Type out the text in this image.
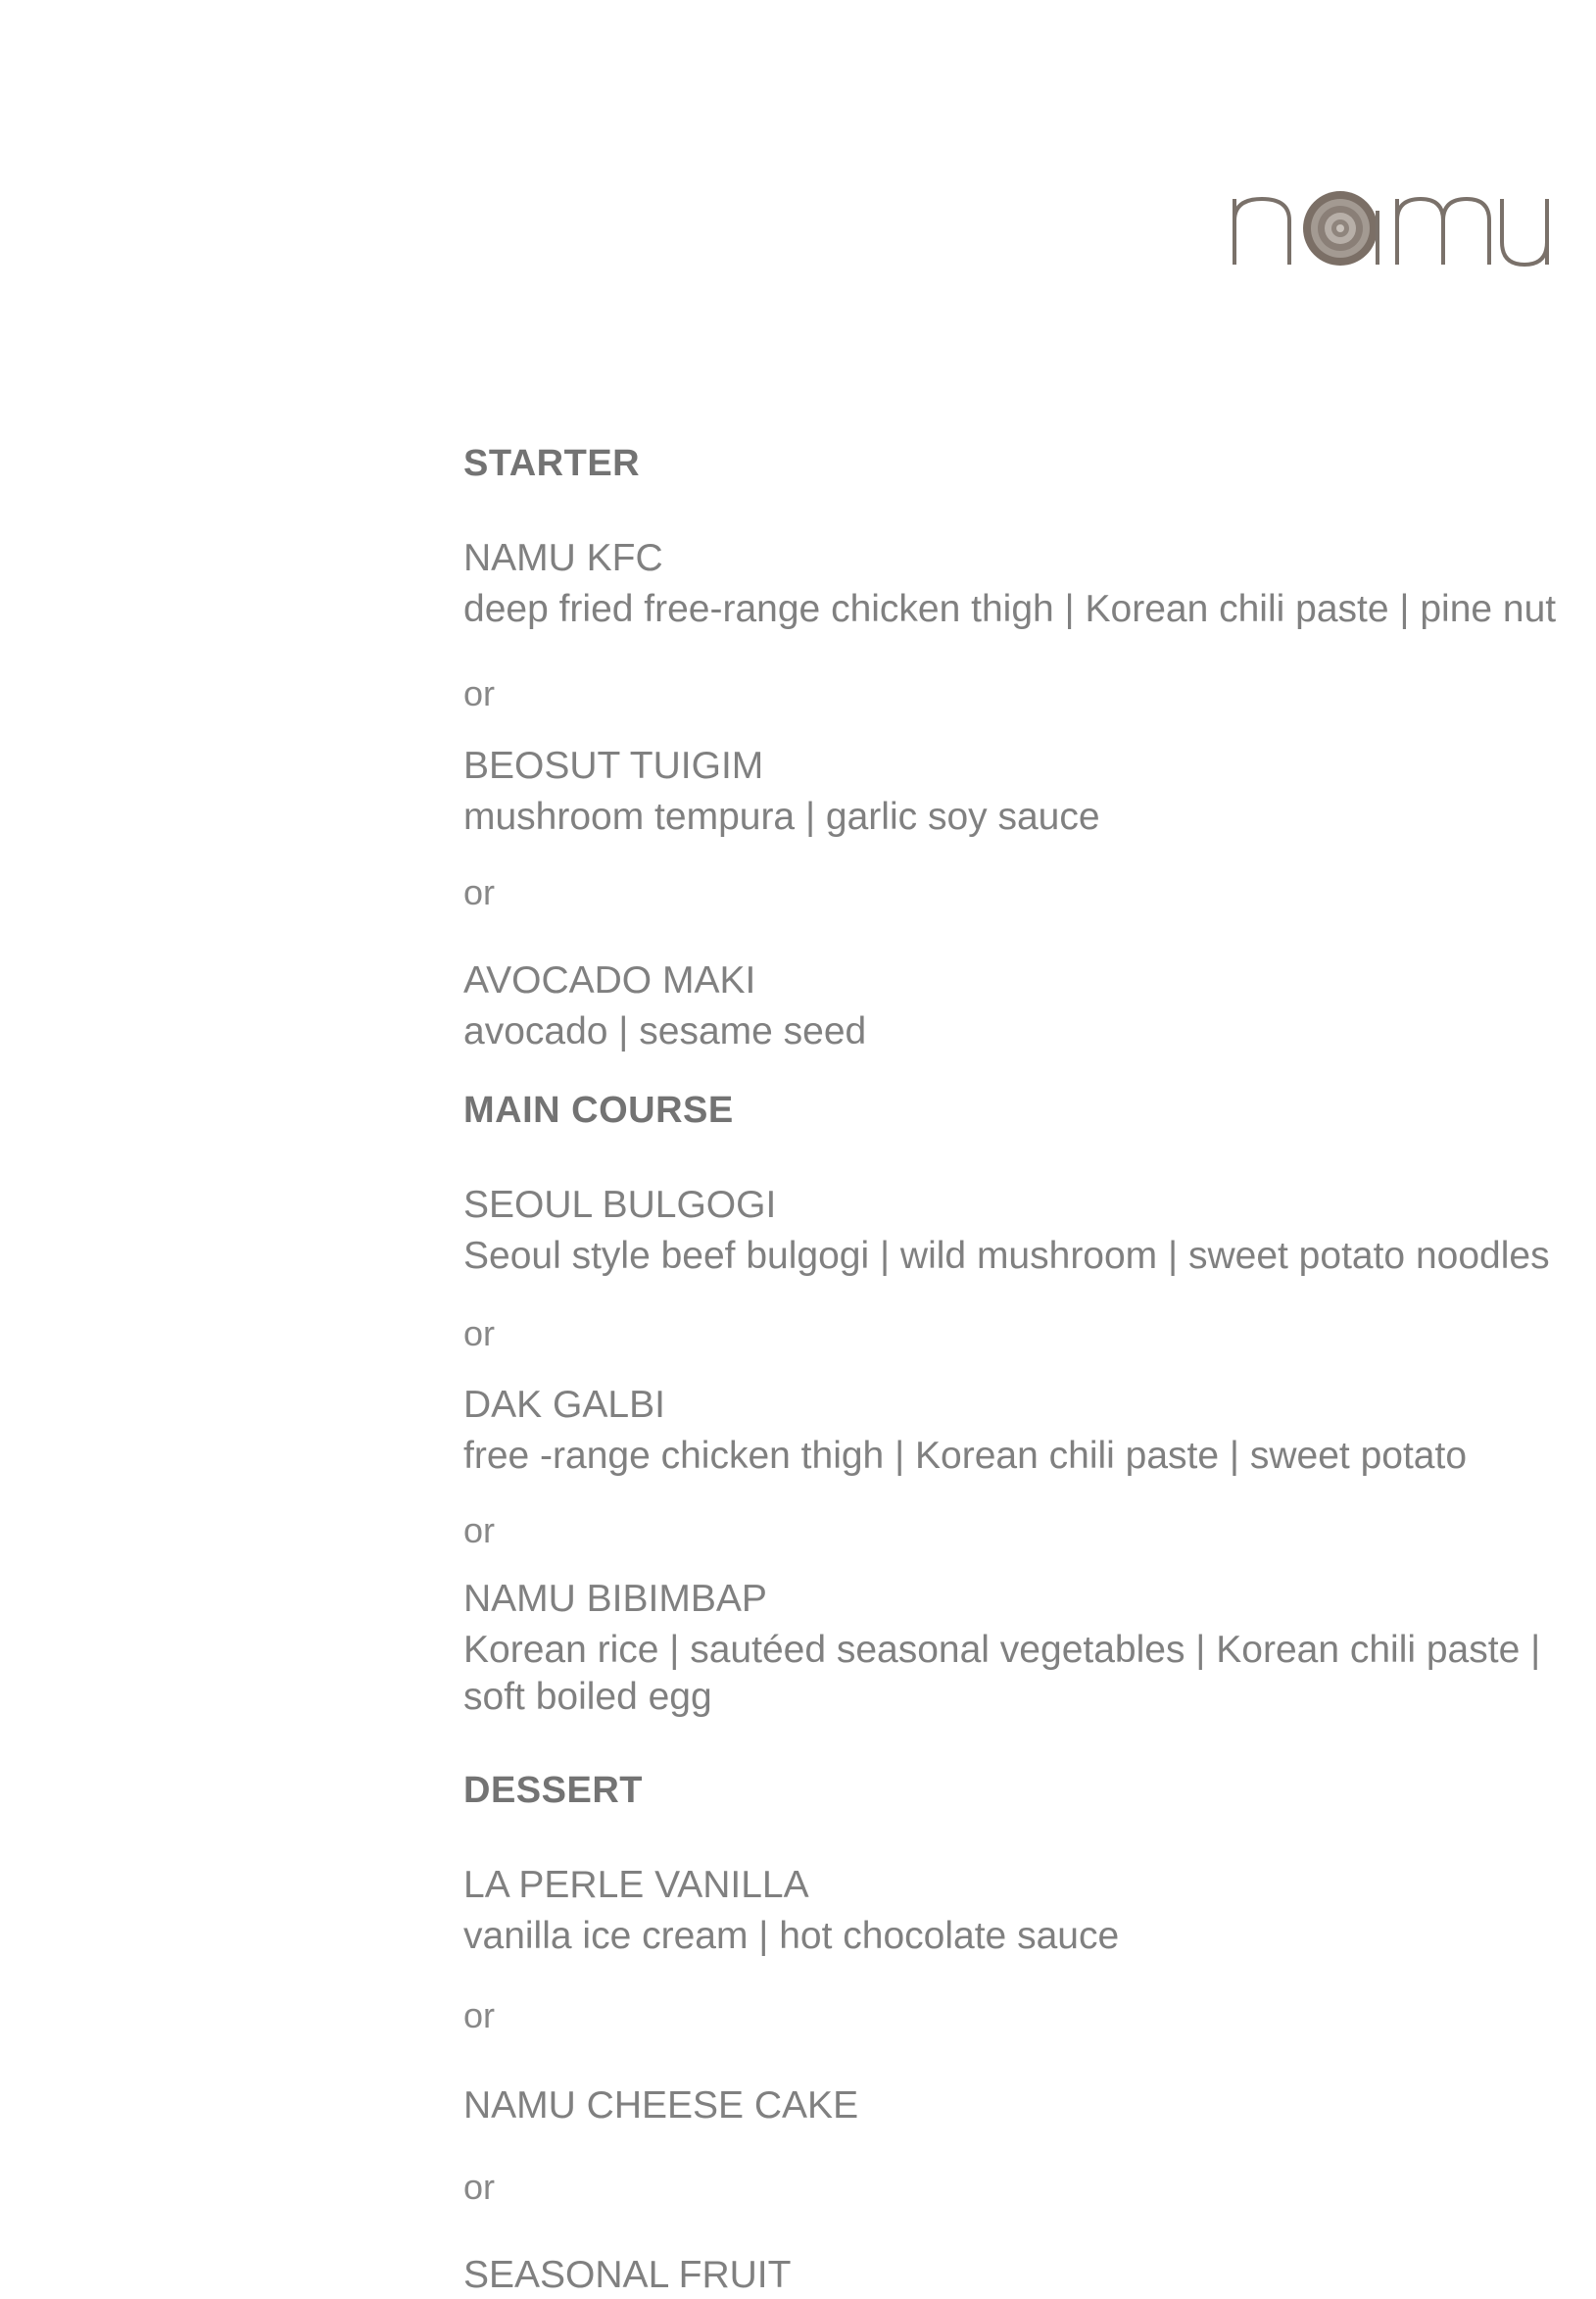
STARTER
NAMU KFC
deep fried free-range chicken thigh | Korean chili paste | pine nut
or
BEOSUT TUIGIM
mushroom tempura | garlic soy sauce
or
AVOCADO MAKI
avocado | sesame seed
MAIN COURSE
SEOUL BULGOGI
Seoul style beef bulgogi | wild mushroom | sweet potato noodles
or
DAK GALBI
free -range chicken thigh | Korean chili paste | sweet potato
or
NAMU BIBIMBAP
Korean rice | sautéed seasonal vegetables | Korean chili paste |
soft boiled egg
DESSERT
LA PERLE VANILLA
vanilla ice cream | hot chocolate sauce
or
NAMU CHEESE CAKE
or
SEASONAL FRUIT
